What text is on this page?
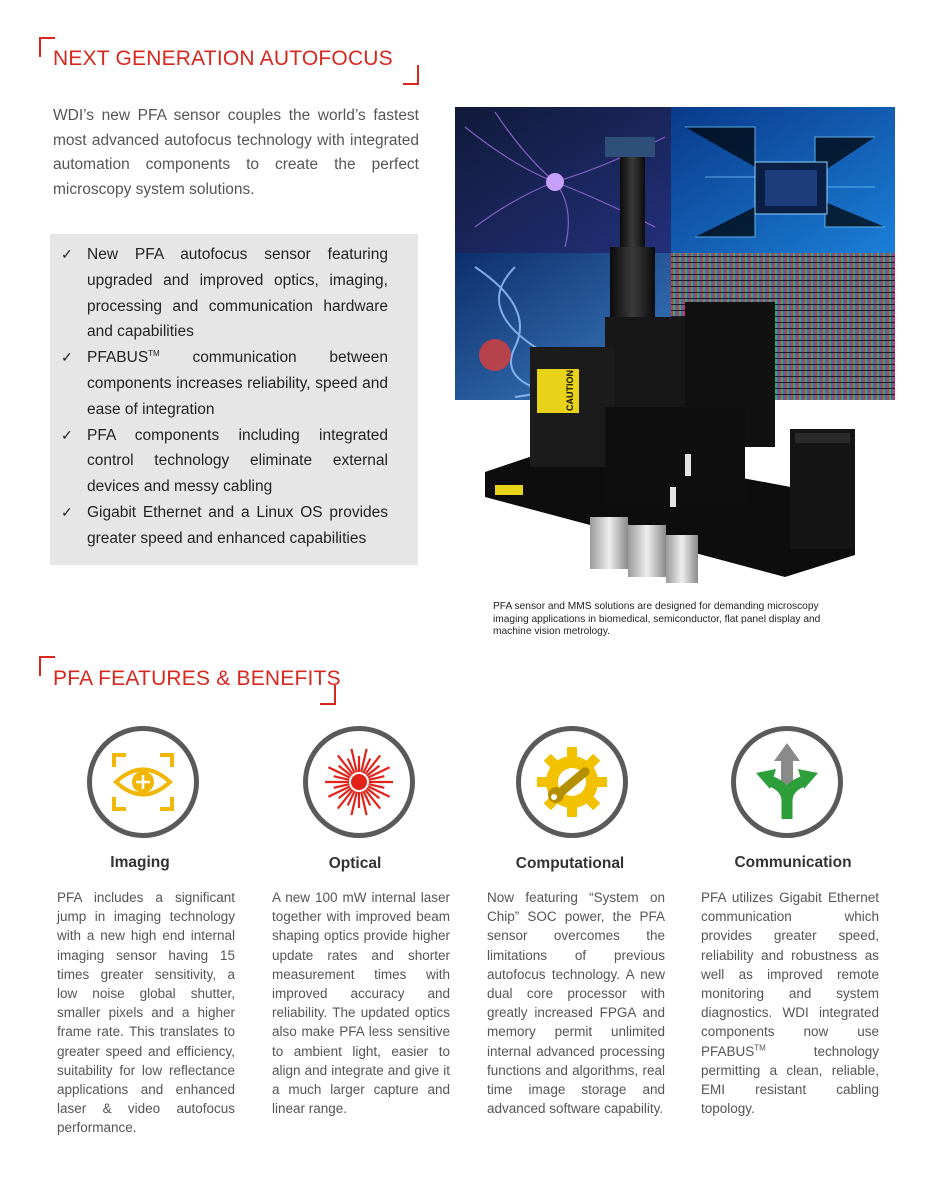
NEXT GENERATION AUTOFOCUS

WDI’s new PFA sensor couples the world’s fastest most advanced autofocus technology with integrated automation components to create the perfect microscopy system solutions.

✓ New PFA autofocus sensor featuring upgraded and improved optics, imaging, processing and communication hardware and capabilities
✓ PFABUS™ communication between components increases reliability, speed and ease of integration
✓ PFA components including integrated control technology eliminate external devices and messy cabling
✓ Gigabit Ethernet and a Linux OS provides greater speed and enhanced capabilities
CAUTION

PFA sensor and MMS solutions are designed for demanding microscopy imaging applications in biomedical, semiconductor, flat panel display and machine vision metrology.

PFA FEATURES & BENEFITS
Imaging	Optical	Computational	Communication

PFA includes a significant jump in imaging technology with a new high end internal imaging sensor having 15 times greater sensitivity, a low noise global shutter, smaller pixels and a higher frame rate. This translates to greater speed and efficiency, suitability for low reflectance applications and enhanced laser & video autofocus performance.

A new 100 mW internal laser together with improved beam shaping optics provide higher update rates and shorter measurement times with improved accuracy and reliability. The updated optics also make PFA less sensitive to ambient light, easier to align and integrate and give it a much larger capture and linear range.

Now featuring “System on Chip” SOC power, the PFA sensor overcomes the limitations of previous autofocus technology. A new dual core processor with greatly increased FPGA and memory permit unlimited internal advanced processing functions and algorithms, real time image storage and advanced software capability.

PFA utilizes Gigabit Ethernet communication which provides greater speed, reliability and robustness as well as improved remote monitoring and system diagnostics. WDI integrated components now use PFABUS™ technology permitting a clean, reliable, EMI resistant cabling topology.
